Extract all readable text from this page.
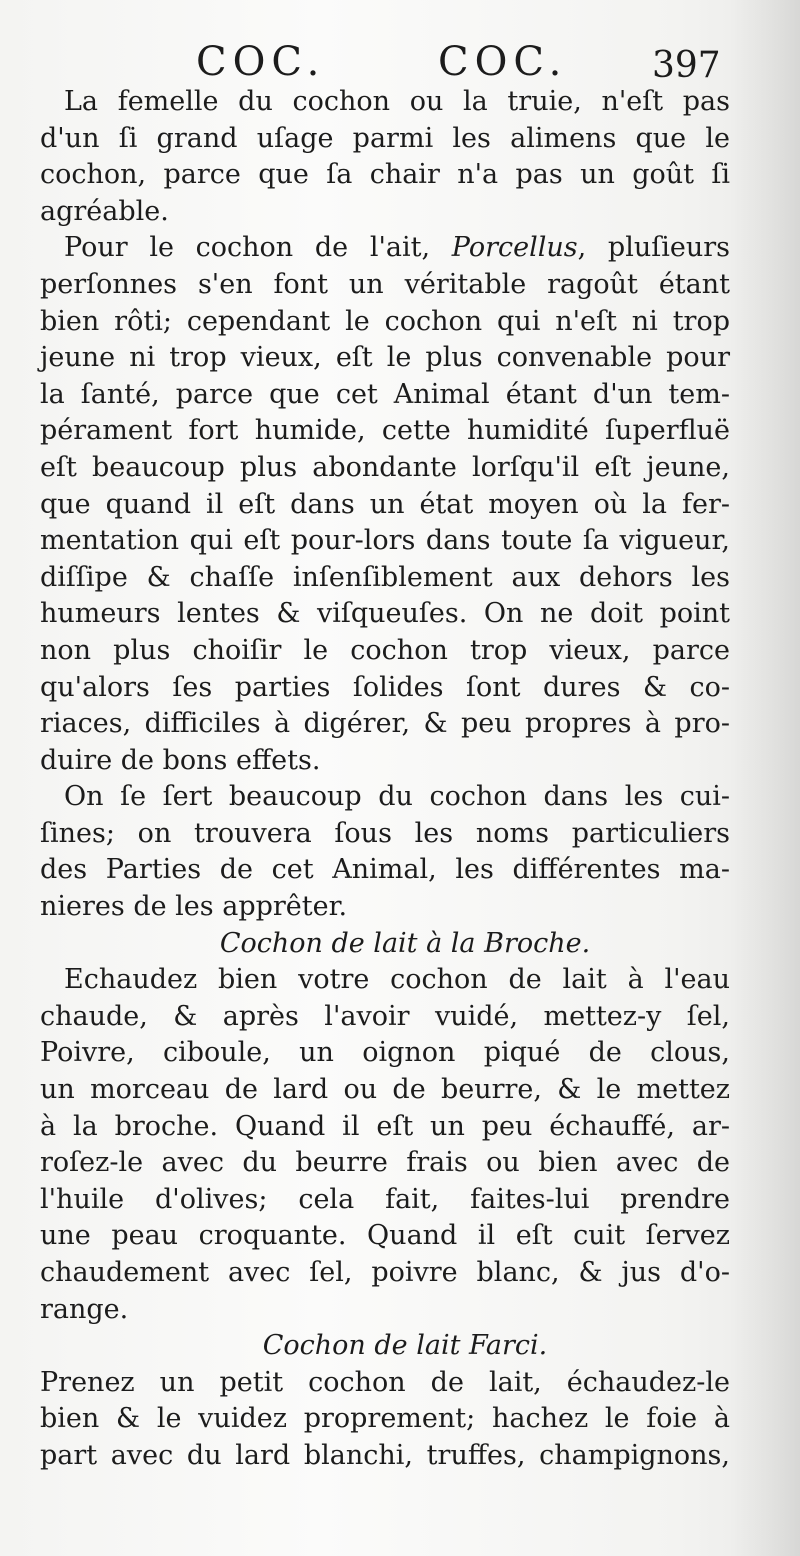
COC.	COC. 397
La femelle du cochon ou la truie, n'eſt pas
d'un ſi grand uſage parmi les alimens que le
cochon, parce que ſa chair n'a pas un goût ſi
agréable.
Pour le cochon de l'ait, Porcellus, pluſieurs
perſonnes s'en font un véritable ragoût étant
bien rôti; cependant le cochon qui n'eſt ni trop
jeune ni trop vieux, eſt le plus convenable pour
la ſanté, parce que cet Animal étant d'un tem-
pérament fort humide, cette humidité ſuperfluë
eſt beaucoup plus abondante lorſqu'il eſt jeune,
que quand il eſt dans un état moyen où la fer-
mentation qui eſt pour-lors dans toute ſa vigueur,
diſſipe & chaſſe inſenſiblement aux dehors les
humeurs lentes & viſqueuſes. On ne doit point
non plus choiſir le cochon trop vieux, parce
qu'alors ſes parties ſolides ſont dures & co-
riaces, difficiles à digérer, & peu propres à pro-
duire de bons effets.
On ſe ſert beaucoup du cochon dans les cui-
ſines; on trouvera ſous les noms particuliers
des Parties de cet Animal, les différentes ma-
nieres de les apprêter.
Cochon de lait à la Broche.
Echaudez bien votre cochon de lait à l'eau
chaude, & après l'avoir vuidé, mettez-y ſel,
Poivre, ciboule, un oignon piqué de clous,
un morceau de lard ou de beurre, & le mettez
à la broche. Quand il eſt un peu échauffé, ar-
roſez-le avec du beurre frais ou bien avec de
l'huile d'olives; cela fait, faites-lui prendre
une peau croquante. Quand il eſt cuit ſervez
chaudement avec ſel, poivre blanc, & jus d'o-
range.
Cochon de lait Farci.
Prenez un petit cochon de lait, échaudez-le
bien & le vuidez proprement; hachez le foie à
part avec du lard blanchi, truffes, champignons,
